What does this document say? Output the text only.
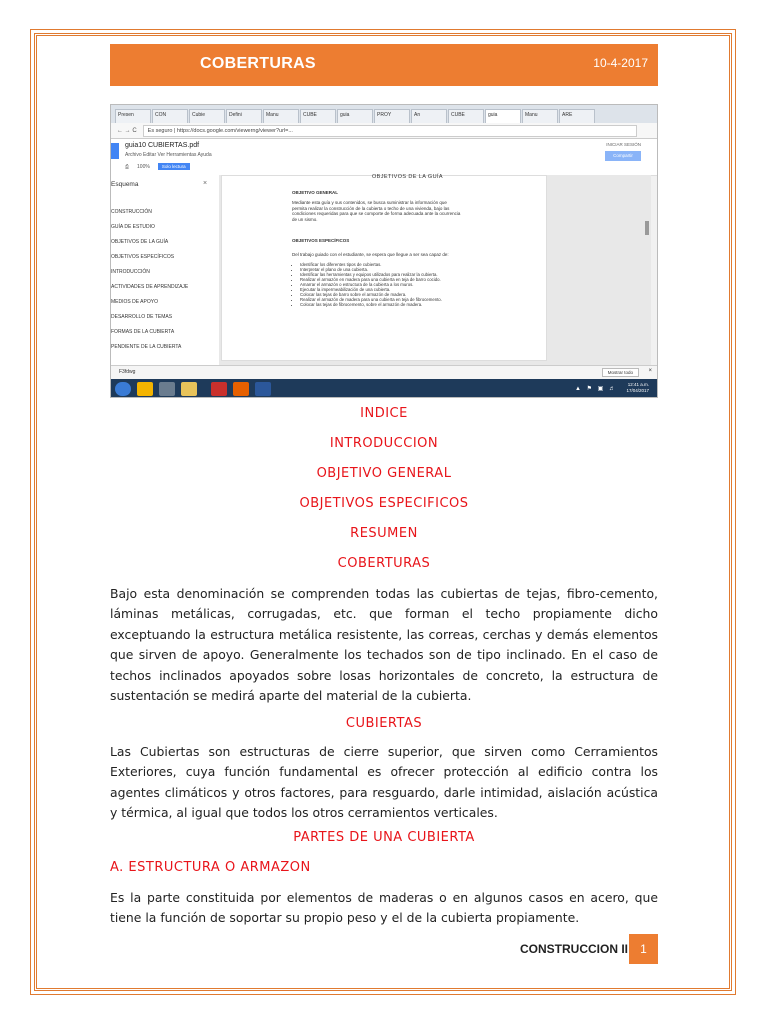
COBERTURAS	10-4-2017
Presen	CON	Cubie	Defini	Manu	CUBE	guia	PROY	An	CUBE	guia	Manu	ARE
← → C	Es seguro | https://docs.google.com/viewerng/viewer?url=...
guia10 CUBIERTAS.pdf
Archivo Editar Ver Herramientas Ayuda
⎙ 100%	Solo lectura
INICIAR SESIÓN
Compartir
Esquema	×
CONSTRUCCIÓN
GUÍA DE ESTUDIO
OBJETIVOS DE LA GUÍA
OBJETIVOS ESPECÍFICOS
INTRODUCCIÓN
ACTIVIDADES DE APRENDIZAJE
MEDIOS DE APOYO
DESARROLLO DE TEMAS
FORMAS DE LA CUBIERTA
PENDIENTE DE LA CUBIERTA
OBJETIVOS DE LA GUÍA

OBJETIVO GENERAL

Mediante esta guía y sus contenidos, se busca suministrar la información que permita realizar la construcción de la cubierta o techo de una vivienda, bajo las condiciones requeridas para que se comporte de forma adecuada ante la ocurrencia de un sismo.

OBJETIVOS ESPECÍFICOS

Del trabajo guiado con el estudiante, se espera que llegue a ser sea capaz de:

• Identificar los diferentes tipos de cubiertas.
• Interpretar el plano de una cubierta.
• Identificar las herramientas y equipos utilizados para realizar la cubierta.
• Realizar el armazón en madera para una cubierta en teja de barro cocido.
• Amarrar el armazón o estructura de la cubierta a los muros.
• Ejecutar la impermeabilización de una cubierta.
• Colocar las tejas de barro sobre el armazón de madera.
• Realizar el armazón de madera para una cubierta en teja de fibrocemento.
• Colocar las tejas de fibrocemento, sobre el armazón de madera.
F3fdwg	Mostrar todo	×
▲ ⚑ ▣ ♬
12:41 a.m.
17/04/2017
INDICE
INTRODUCCION
OBJETIVO GENERAL
OBJETIVOS ESPECIFICOS
RESUMEN
COBERTURAS
Bajo esta denominación se comprenden todas las cubiertas de tejas, fibro-cemento, láminas metálicas, corrugadas, etc. que forman el techo propiamente dicho exceptuando la estructura metálica resistente, las correas, cerchas y demás elementos que sirven de apoyo. Generalmente los techados son de tipo inclinado. En el caso de techos inclinados apoyados sobre losas horizontales de concreto, la estructura de sustentación se medirá aparte del material de la cubierta.
CUBIERTAS
Las Cubiertas son estructuras de cierre superior, que sirven como Cerramientos Exteriores, cuya función fundamental es ofrecer protección al edificio contra los agentes climáticos y otros factores, para resguardo, darle intimidad, aislación acústica y térmica, al igual que todos los otros cerramientos verticales.
PARTES DE UNA CUBIERTA
A. ESTRUCTURA O ARMAZON
Es la parte constituida por elementos de maderas o en algunos casos en acero, que tiene la función de soportar su propio peso y el de la cubierta propiamente.
CONSTRUCCION II	1
